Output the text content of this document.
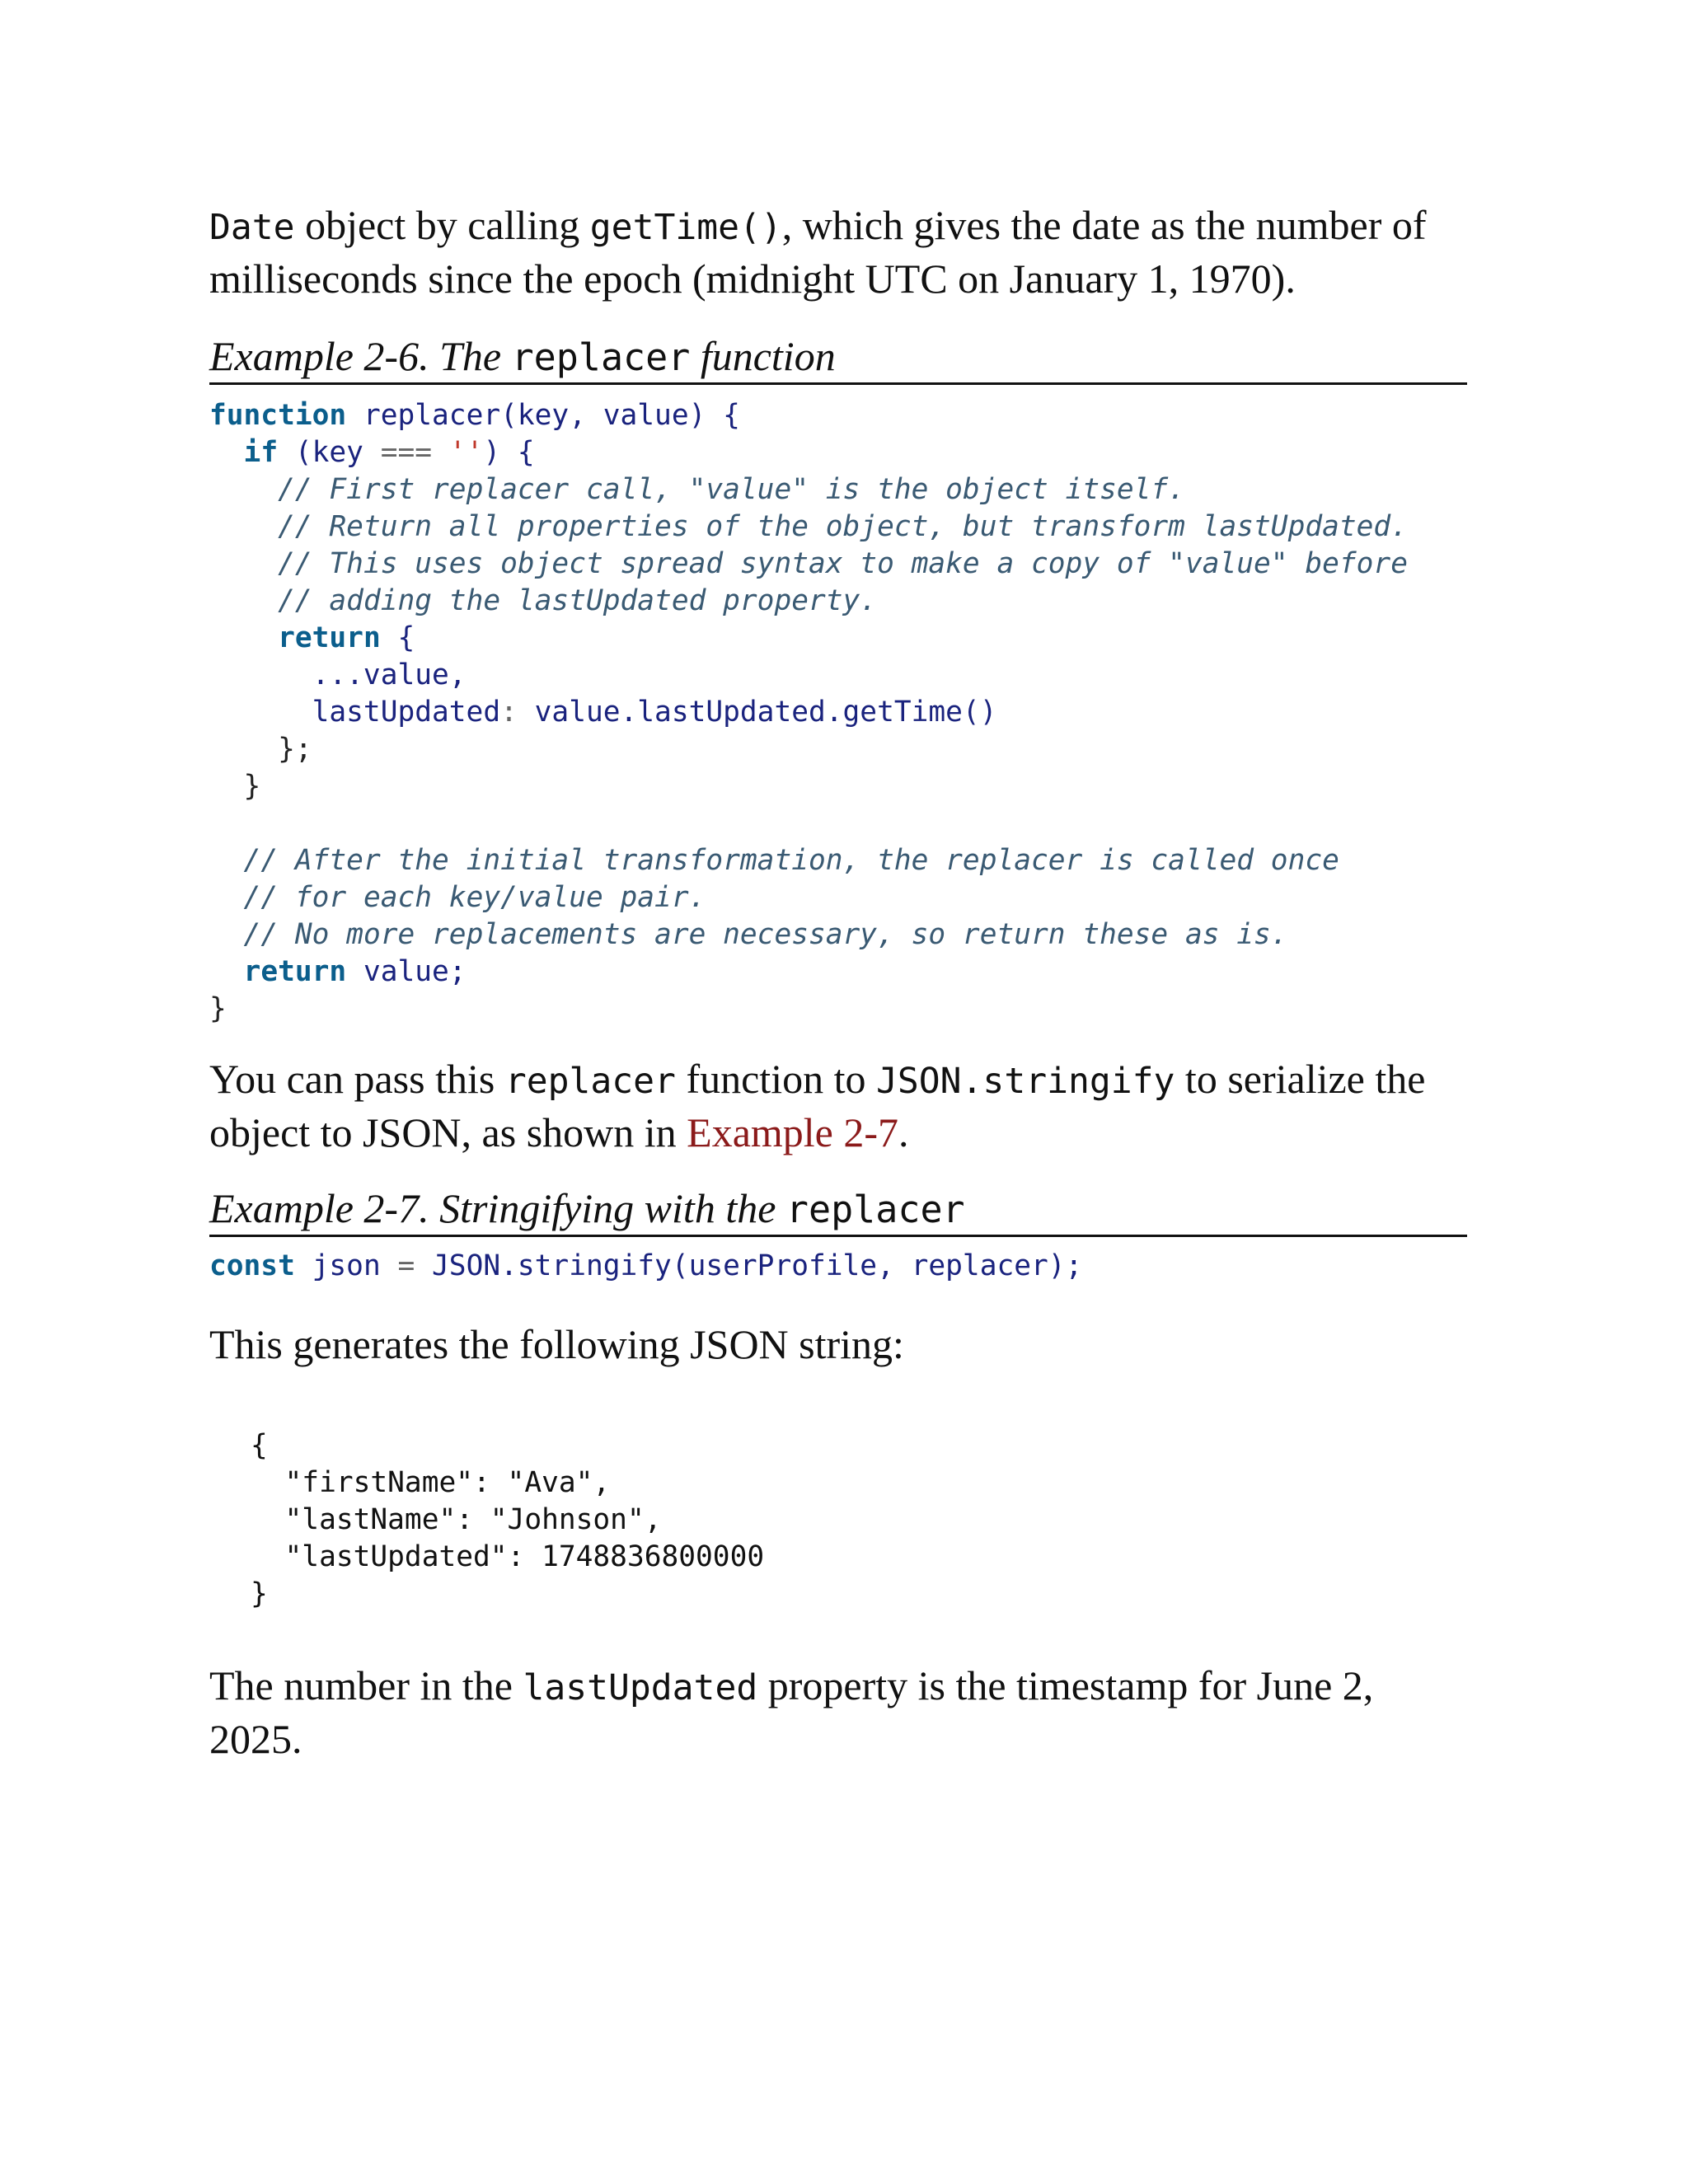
Date object by calling getTime(), which gives the date as the number of milliseconds since the epoch (midnight UTC on January 1, 1970).

Example 2-6. The replacer function

function replacer(key, value) {
if (key === '') {
// First replacer call, "value" is the object itself.
// Return all properties of the object, but transform lastUpdated.
// This uses object spread syntax to make a copy of "value" before
// adding the lastUpdated property.
return {
...value,
lastUpdated: value.lastUpdated.getTime()
};
}

// After the initial transformation, the replacer is called once
// for each key/value pair.
// No more replacements are necessary, so return these as is.
return value;
}

You can pass this replacer function to JSON.stringify to serialize the object to JSON, as shown in Example 2-7.

Example 2-7. Stringifying with the replacer

const json = JSON.stringify(userProfile, replacer);

This generates the following JSON string:

{
"firstName": "Ava",
"lastName": "Johnson",
"lastUpdated": 1748836800000
}

The number in the lastUpdated property is the timestamp for June 2, 2025.
